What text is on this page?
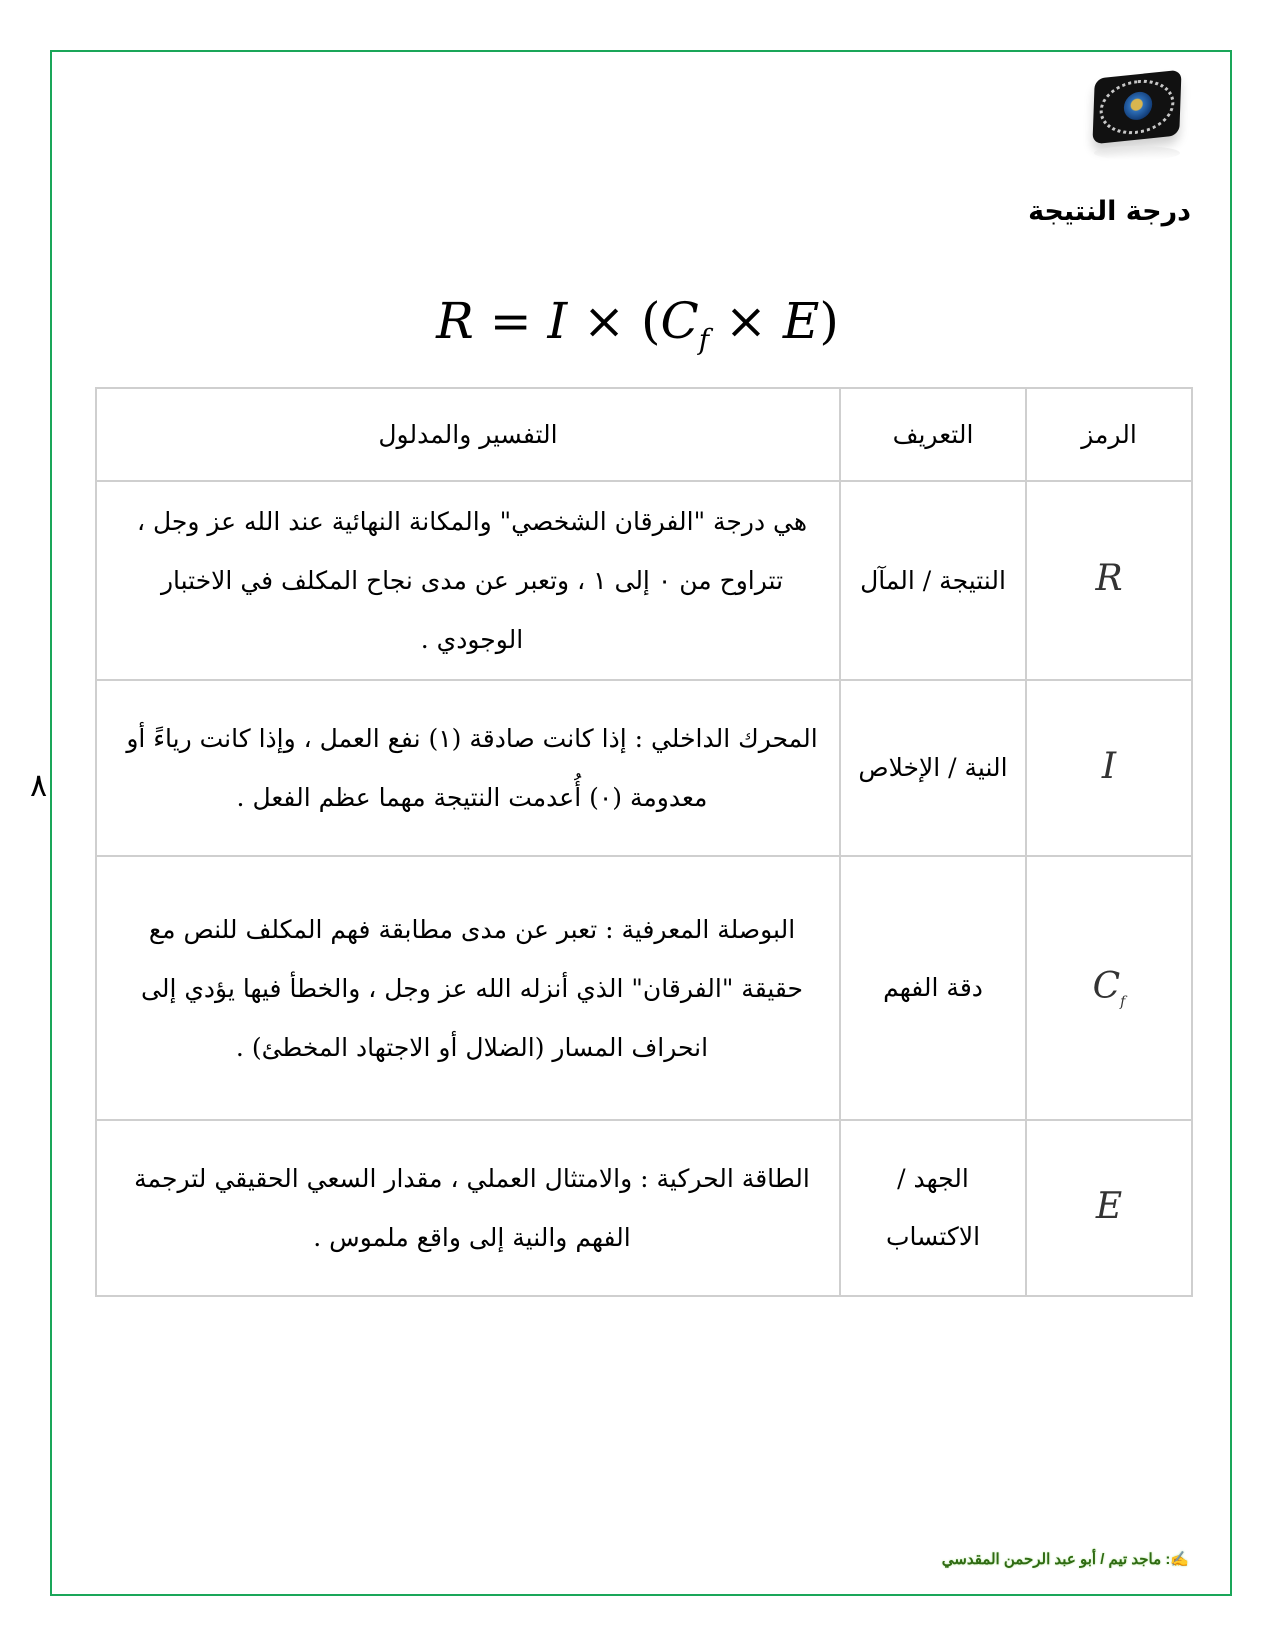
درجة النتيجة
$R = I \times (C_f \times E)$
الرمز	التعريف	التفسير والمدلول
R	النتيجة / المآل	هي درجة "الفرقان الشخصي" والمكانة النهائية عند الله عز وجل ، تتراوح من ٠ إلى ١ ، وتعبر عن مدى نجاح المكلف في الاختبار الوجودي .
I	النية / الإخلاص	المحرك الداخلي : إذا كانت صادقة (١) نفع العمل ، وإذا كانت رياءً أو معدومة (٠) أُعدمت النتيجة مهما عظم الفعل .
$C_f$	دقة الفهم	البوصلة المعرفية : تعبر عن مدى مطابقة فهم المكلف للنص مع حقيقة "الفرقان" الذي أنزله الله عز وجل ، والخطأ فيها يؤدي إلى انحراف المسار (الضلال أو الاجتهاد المخطئ) .
E	الجهد / الاكتساب	الطاقة الحركية : والامتثال العملي ، مقدار السعي الحقيقي لترجمة الفهم والنية إلى واقع ملموس .
٨
✍: ماجد تيم / أبو عبد الرحمن المقدسي
